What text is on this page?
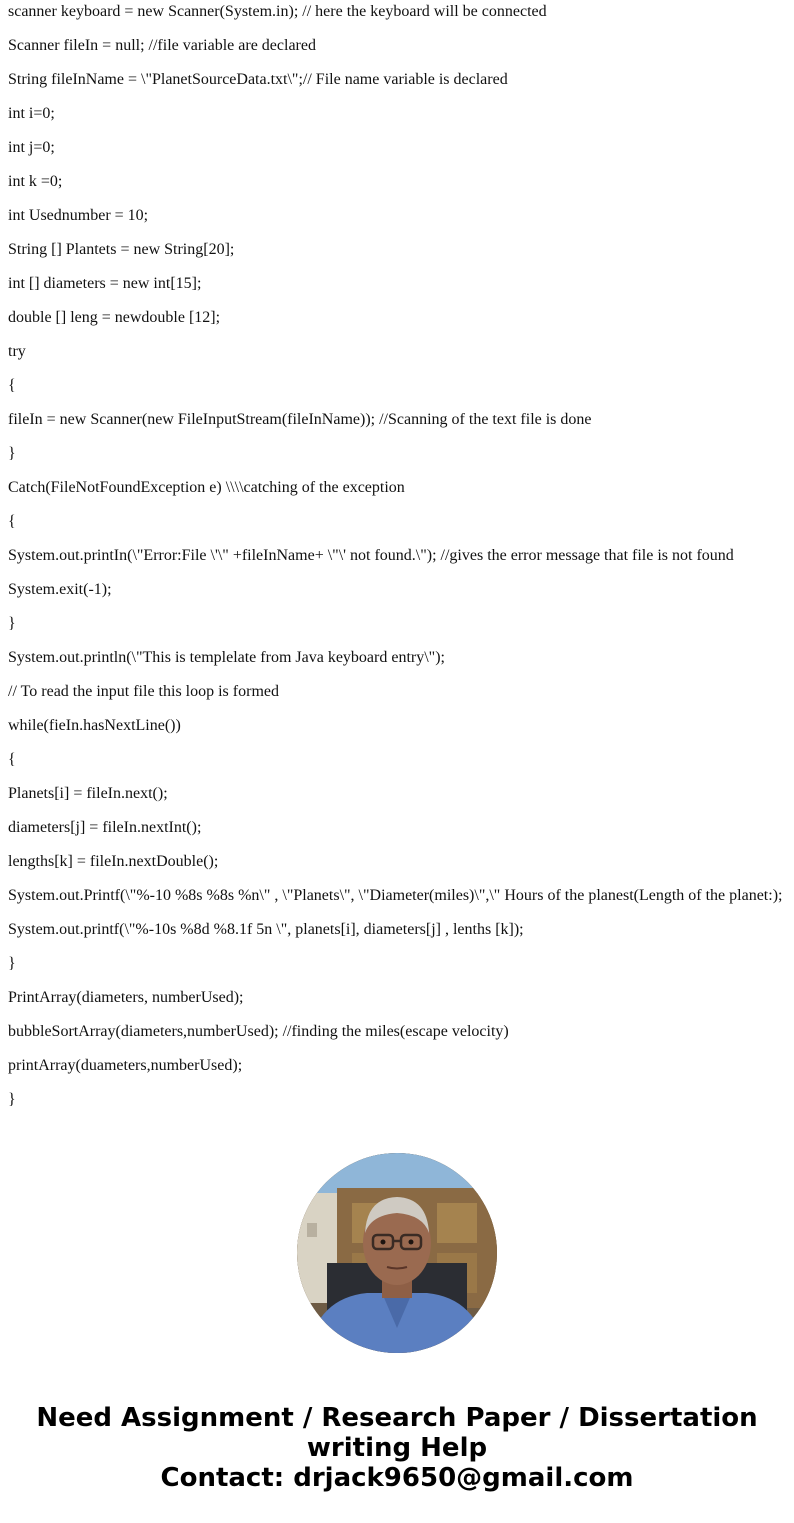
scanner keyboard = new Scanner(System.in); // here the keyboard will be connected
Scanner fileIn = null; //file variable are declared
String fileInName = \"PlanetSourceData.txt\";// File name variable is declared
int i=0;
int j=0;
int k =0;
int Usednumber = 10;
String [] Plantets = new String[20];
int [] diameters = new int[15];
double [] leng = newdouble [12];
try
{
fileIn = new Scanner(new FileInputStream(fileInName)); //Scanning of the text file is done
}
Catch(FileNotFoundException e) \\\\catching of the exception
{
System.out.printIn(\"Error:File \'\" +fileInName+ \"\' not found.\"); //gives the error message that file is not found
System.exit(-1);
}
System.out.println(\"This is templelate from Java keyboard entry\");
// To read the input file this loop is formed
while(fieIn.hasNextLine())
{
Planets[i] = fileIn.next();
diameters[j] = fileIn.nextInt();
lengths[k] = fileIn.nextDouble();
System.out.Printf(\"%-10 %8s %8s %n\" , \"Planets\", \"Diameter(miles)\",\" Hours of the planest(Length of the planet:);
System.out.printf(\"%-10s %8d %8.1f 5n \", planets[i], diameters[j] , lenths [k]);
}
PrintArray(diameters, numberUsed);
bubbleSortArray(diameters,numberUsed); //finding the miles(escape velocity)
printArray(duameters,numberUsed);
}
Need Assignment / Research Paper / Dissertation
writing Help
Contact: drjack9650@gmail.com
